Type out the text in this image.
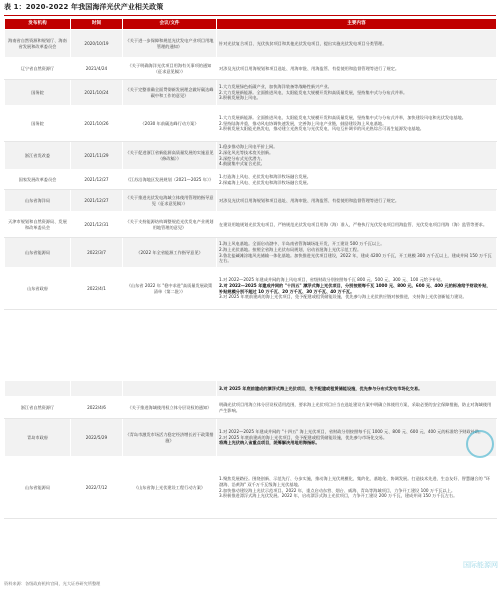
表 1：2020-2022 年我国海洋光伏产业相关政策
发布机构	时间	会议/文件	主要内容
海南省自然资源和规划厅、海南省发展和改革委员会	2020/10/19	《关于进一步保障和规范光伏发电产业项目用地管理的通知》	针对光伏复合项目、光伏扶贫项目和其他光伏发电项目，提出实施光伏发电项目分类管理。
辽宁省自然资源厅	2021/4/24	《关于明确海洋光伏项目用海有关事项的通知（征求意见稿）》	对涉及光伏项目用海规划和项目选址、用海审批、用海监管、有偿使用和监督管理等进行了规定。
国务院	2021/10/24	《关于完整准确全面贯彻新发展理念做好碳达峰碳中和工作的意见》	1.大力发展绿色低碳产业，加快海洋装备等战略性新兴产业。
2.大力发展新能源。全面推进风电、太阳能发电大规模开发和高质量发展，坚持集中式与分布式并举。
3.积极发展海上风电。
国务院	2021/10/26	《2030 年前碳达峰行动方案》	1.大力发展新能源。全面推进风电、太阳能发电大规模开发和高质量发展，坚持集中式与分布式并举，加快建设风电和光伏发电基地。
2.坚持陆海并重，推动风电协调快速发展，完善海上风电产业链，鼓励建设海上风电基地。
3.积极发展太阳能光热发电，推动建立光热发电与光伏发电、风电互补调节的风光热综合可再生能源发电基地。
浙江省发改委	2021/11/29	《关于促进浙江省新能源高质量发展的实施意见（修改稿）》	1.稳步推动海上风电平价上网。
2.深化风光等技术攻关创新。
3.深挖分布式光伏潜力。
4.鼓励集中式复合光伏。
国家发展改革委员会	2021/12/27	《江苏沿海地区发展规划（2021—2025 年）》	1.打造海上风电、光伏发电和海洋牧场融合发展。
2.探索海上风电、光伏发电和海洋牧场融合发展。
山东省海洋局	2021/12/27	《关于推进光伏发电海域立体使用管理的指导意见（征求意见稿）》	对涉及光伏项目用海规划和项目选址、用海审批、用海监管、有偿使用和监督管理等进行了规定。
天津市规划和自然资源局、发展和改革委员会	2021/12/31	《关于支持能源结构调整规范光伏发电产业规划用地管理的意见》	在建设用地规划光伏发电项目，严格规范光伏发电项目用海（海）准入，严格执行光伏发电项目用海监管、光伏发电项目用海（海）监管等要求。
山东省能源局	2022/3/7	《2022 年全省能源工作指导意见》	1.海上风电基地。全面启动渤中、半岛南省管海域场址开发，开工建设 500 万千瓦以上。
2.海上光伏基地。按照全省海上光伏布局规划，启动首批海上光伏示范工程。
3.鲁北盐碱滩涂地风光储输一体化基地。加快推进光伏项目建设，2022 年，建成 4200 万千瓦，开工规模 300 万千瓦以上，建成并网 150 万千瓦左右。
山东省政府	2022/4/1	《山东省 2022 年 "稳中求进"高质量发展政策清单（第二批）》	1.对 2022—2025 年建成并网的海上风电项目，省级财政分别按照每千瓦 800 元、500 元、300 元、100 元给予补贴。
2.对 2022—2025 年建成并网的 "十四五" 漂浮式海上光伏项目，分别按照每千瓦 1000 元、800 元、600 元、400 元的标准给予财政补贴，补贴规模分别不超过 10 万千瓦、20 万千瓦、30 万千瓦、40 万千瓦。
3.对 2025 年底前建成的海上光伏项目，免予配建或租赁储能设施，优先参与海上光伏供应链对接推进，支持海上光伏创新能力建设。

			3.对 2025 年底前建成的漂浮式海上光伏项目，免予配建或租赁储能设施，优先参与分布式发电市场化交易。

浙江省自然资源厅	2022/4/6	《关于推进海域使用权立体分层设权的通知》	明确光伏项目用海立体分层设权适用范围，要求海上光伏项目应当在选址建设方案中明确立体使用方案，采取必要的安全保障措施，防止对海域使用产生影响。
青岛市政府	2022/5/29	《青岛市激发市场活力稳定经济增长若干政策措施》	1.对 2022—2025 年建成并网的 "十四五" 海上光伏项目，省财政分别按照每千瓦 1000 元、800 元、600 元、400 元的标准给予财政补助。
2.对 2025 年底前建成的海上光伏项目，免予配建或租赁储能设施，优先参与市场化交易。
将海上光伏纳入省重点项目，统筹解决用地用海指标。

山东省能源局	2022/7/12	《山东省海上光伏建设工程行动方案》	1.聚焦发展路径。围绕创新、示范先行、分步实施，推动海上光伏规模化、集约化、基地化、协调发展。打造技术先进、生态友好、智慧融合的 "环渤海、沿黄海" 双千万千瓦级海上光伏基地。
2.加快推动建设海上光伏示范项目。2022 年，重点启动东营、烟台、威海、青岛等海域项目，力争开工建设 100 万千瓦以上。
3.积极推进漂浮式海上光伏发展。2022 年，启动漂浮式海上光伏项目，力争开工建设 200 万千瓦，建成并网 150 万千瓦左右。
资料来源：各级政府机构官网，光大证券研究所整理
国际能源网
